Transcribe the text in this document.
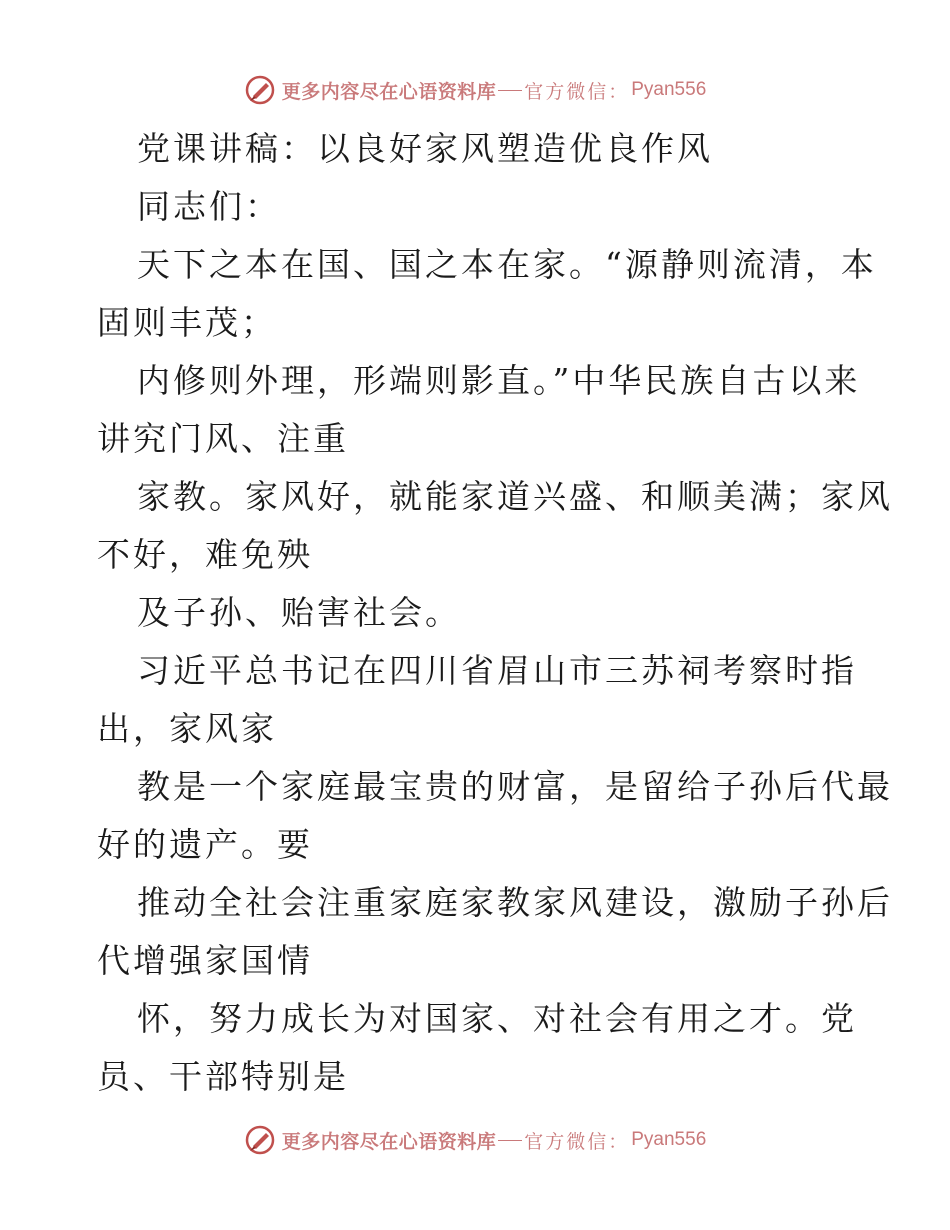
更多内容尽在心语资料库 官方微信： Pyan556
党课讲稿：以良好家风塑造优良作风
同志们：
天下之本在国、国之本在家。“源静则流清，本
固则丰茂；
内修则外理，形端则影直。”中华民族自古以来
讲究门风、注重
家教。家风好，就能家道兴盛、和顺美满；家风
不好，难免殃
及子孙、贻害社会。
习近平总书记在四川省眉山市三苏祠考察时指
出，家风家
教是一个家庭最宝贵的财富，是留给子孙后代最
好的遗产。要
推动全社会注重家庭家教家风建设，激励子孙后
代增强家国情
怀，努力成长为对国家、对社会有用之才。党
员、干部特别是
更多内容尽在心语资料库 官方微信： Pyan556
